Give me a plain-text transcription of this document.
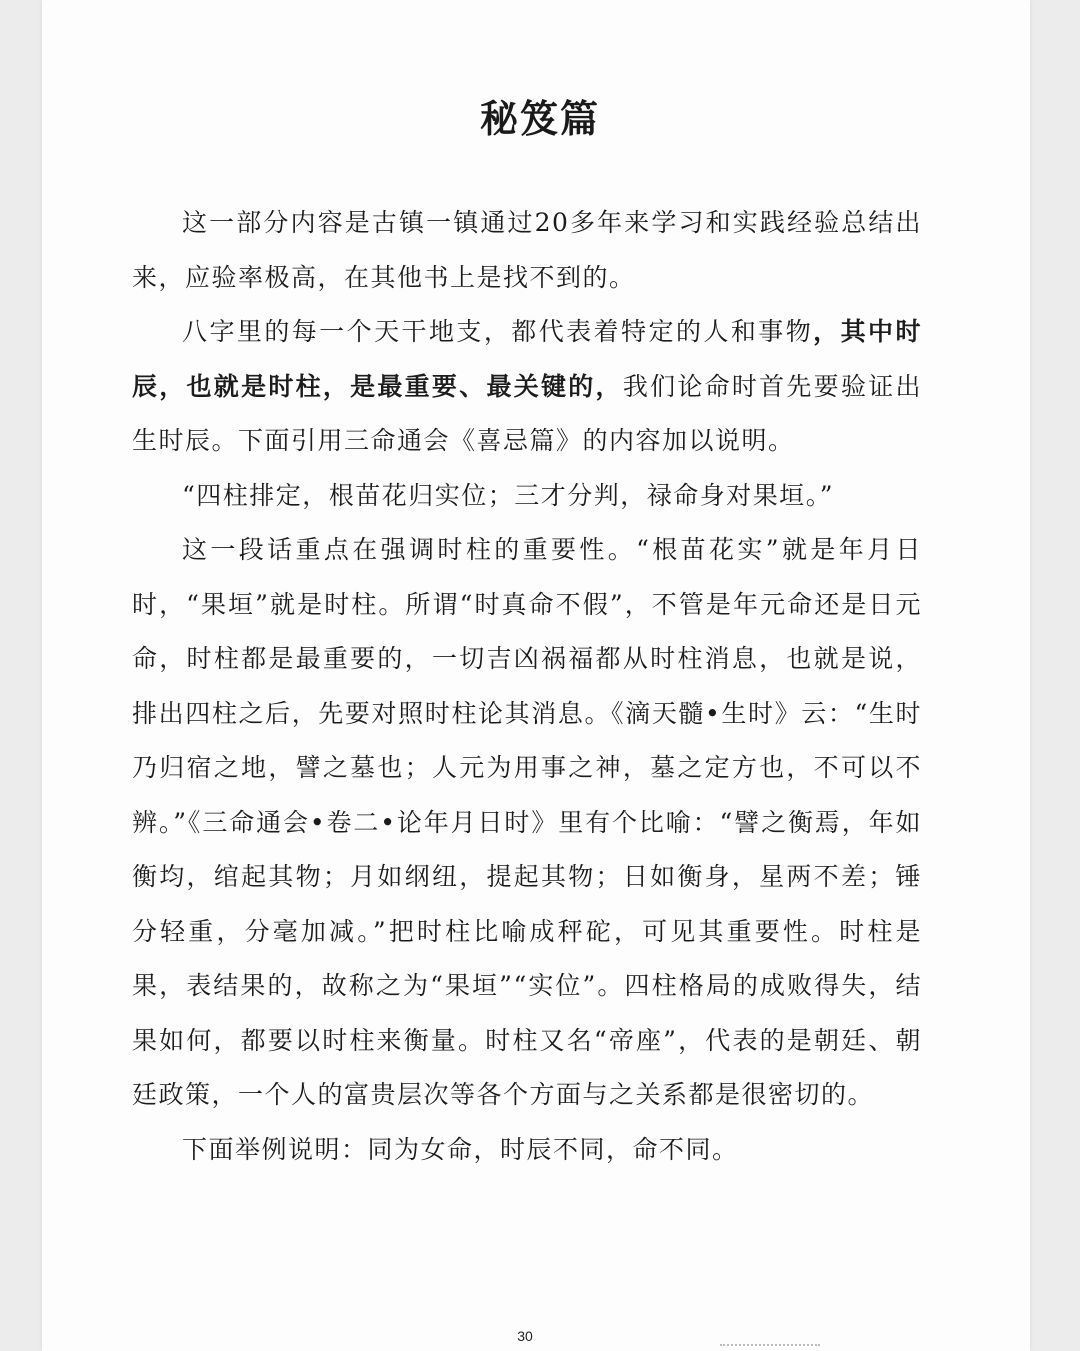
秘笈篇

这一部分内容是古镇一镇通过20多年来学习和实践经验总结出来，应验率极高，在其他书上是找不到的。

八字里的每一个天干地支，都代表着特定的人和事物，其中时辰，也就是时柱，是最重要、最关键的，我们论命时首先要验证出生时辰。下面引用三命通会《喜忌篇》的内容加以说明。

“四柱排定，根苗花归实位；三才分判，禄命身对果垣。”

这一段话重点在强调时柱的重要性。“根苗花实”就是年月日时，“果垣”就是时柱。所谓“时真命不假”，不管是年元命还是日元命，时柱都是最重要的，一切吉凶祸福都从时柱消息，也就是说，排出四柱之后，先要对照时柱论其消息。《滴天髓•生时》云：“生时乃归宿之地，譬之墓也；人元为用事之神，墓之定方也，不可以不辨。”《三命通会•卷二•论年月日时》里有个比喻：“譬之衡焉，年如衡均，绾起其物；月如纲纽，提起其物；日如衡身，星两不差；锤分轻重，分毫加减。”把时柱比喻成秤砣，可见其重要性。时柱是果，表结果的，故称之为“果垣”“实位”。四柱格局的成败得失，结果如何，都要以时柱来衡量。时柱又名“帝座”，代表的是朝廷、朝廷政策，一个人的富贵层次等各个方面与之关系都是很密切的。

下面举例说明：同为女命，时辰不同，命不同。

30
